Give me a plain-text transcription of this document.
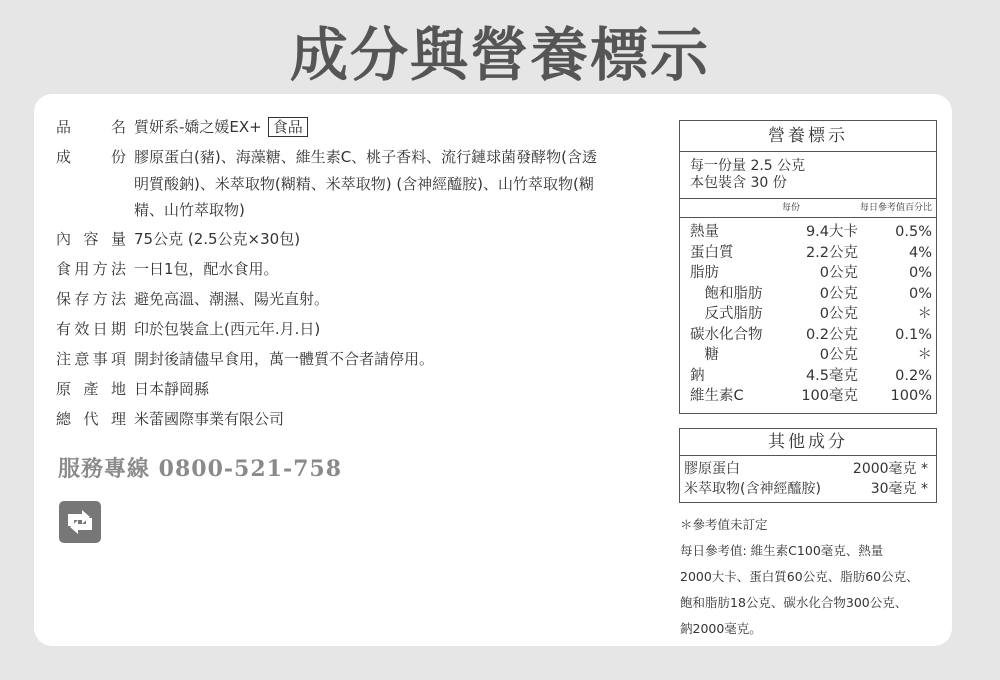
成分與營養標示
品名 質妍系-嬌之媛EX+ 食品
成份 膠原蛋白(豬)、海藻糖、維生素C、桃子香料、流行鏈球菌發酵物(含透
明質酸鈉)、米萃取物(糊精、米萃取物) (含神經醯胺)、山竹萃取物(糊
精、山竹萃取物)
內容量 75公克 (2.5公克×30包)
食用方法 一日1包，配水食用。
保存方法 避免高溫、潮濕、陽光直射。
有效日期 印於包裝盒上(西元年.月.日)
注意事項 開封後請儘早食用，萬一體質不合者請停用。
原產地 日本靜岡縣
總代理 米蕾國際事業有限公司
服務專線 0800-521-758
營養標示
每一份量 2.5 公克
本包裝含 30 份
每份	每日參考值百分比
熱量	9.4大卡	0.5%
蛋白質	2.2公克	4%
脂肪	0公克	0%
　飽和脂肪	0公克	0%
　反式脂肪	0公克	＊
碳水化合物	0.2公克	0.1%
　糖	0公克	＊
鈉	4.5毫克	0.2%
維生素C	100毫克	100%
其他成分
膠原蛋白	2000毫克 *
米萃取物(含神經醯胺)	30毫克 *
＊參考值未訂定
每日參考值: 維生素C100毫克、熱量
2000大卡、蛋白質60公克、脂肪60公克、
飽和脂肪18公克、碳水化合物300公克、
鈉2000毫克。
